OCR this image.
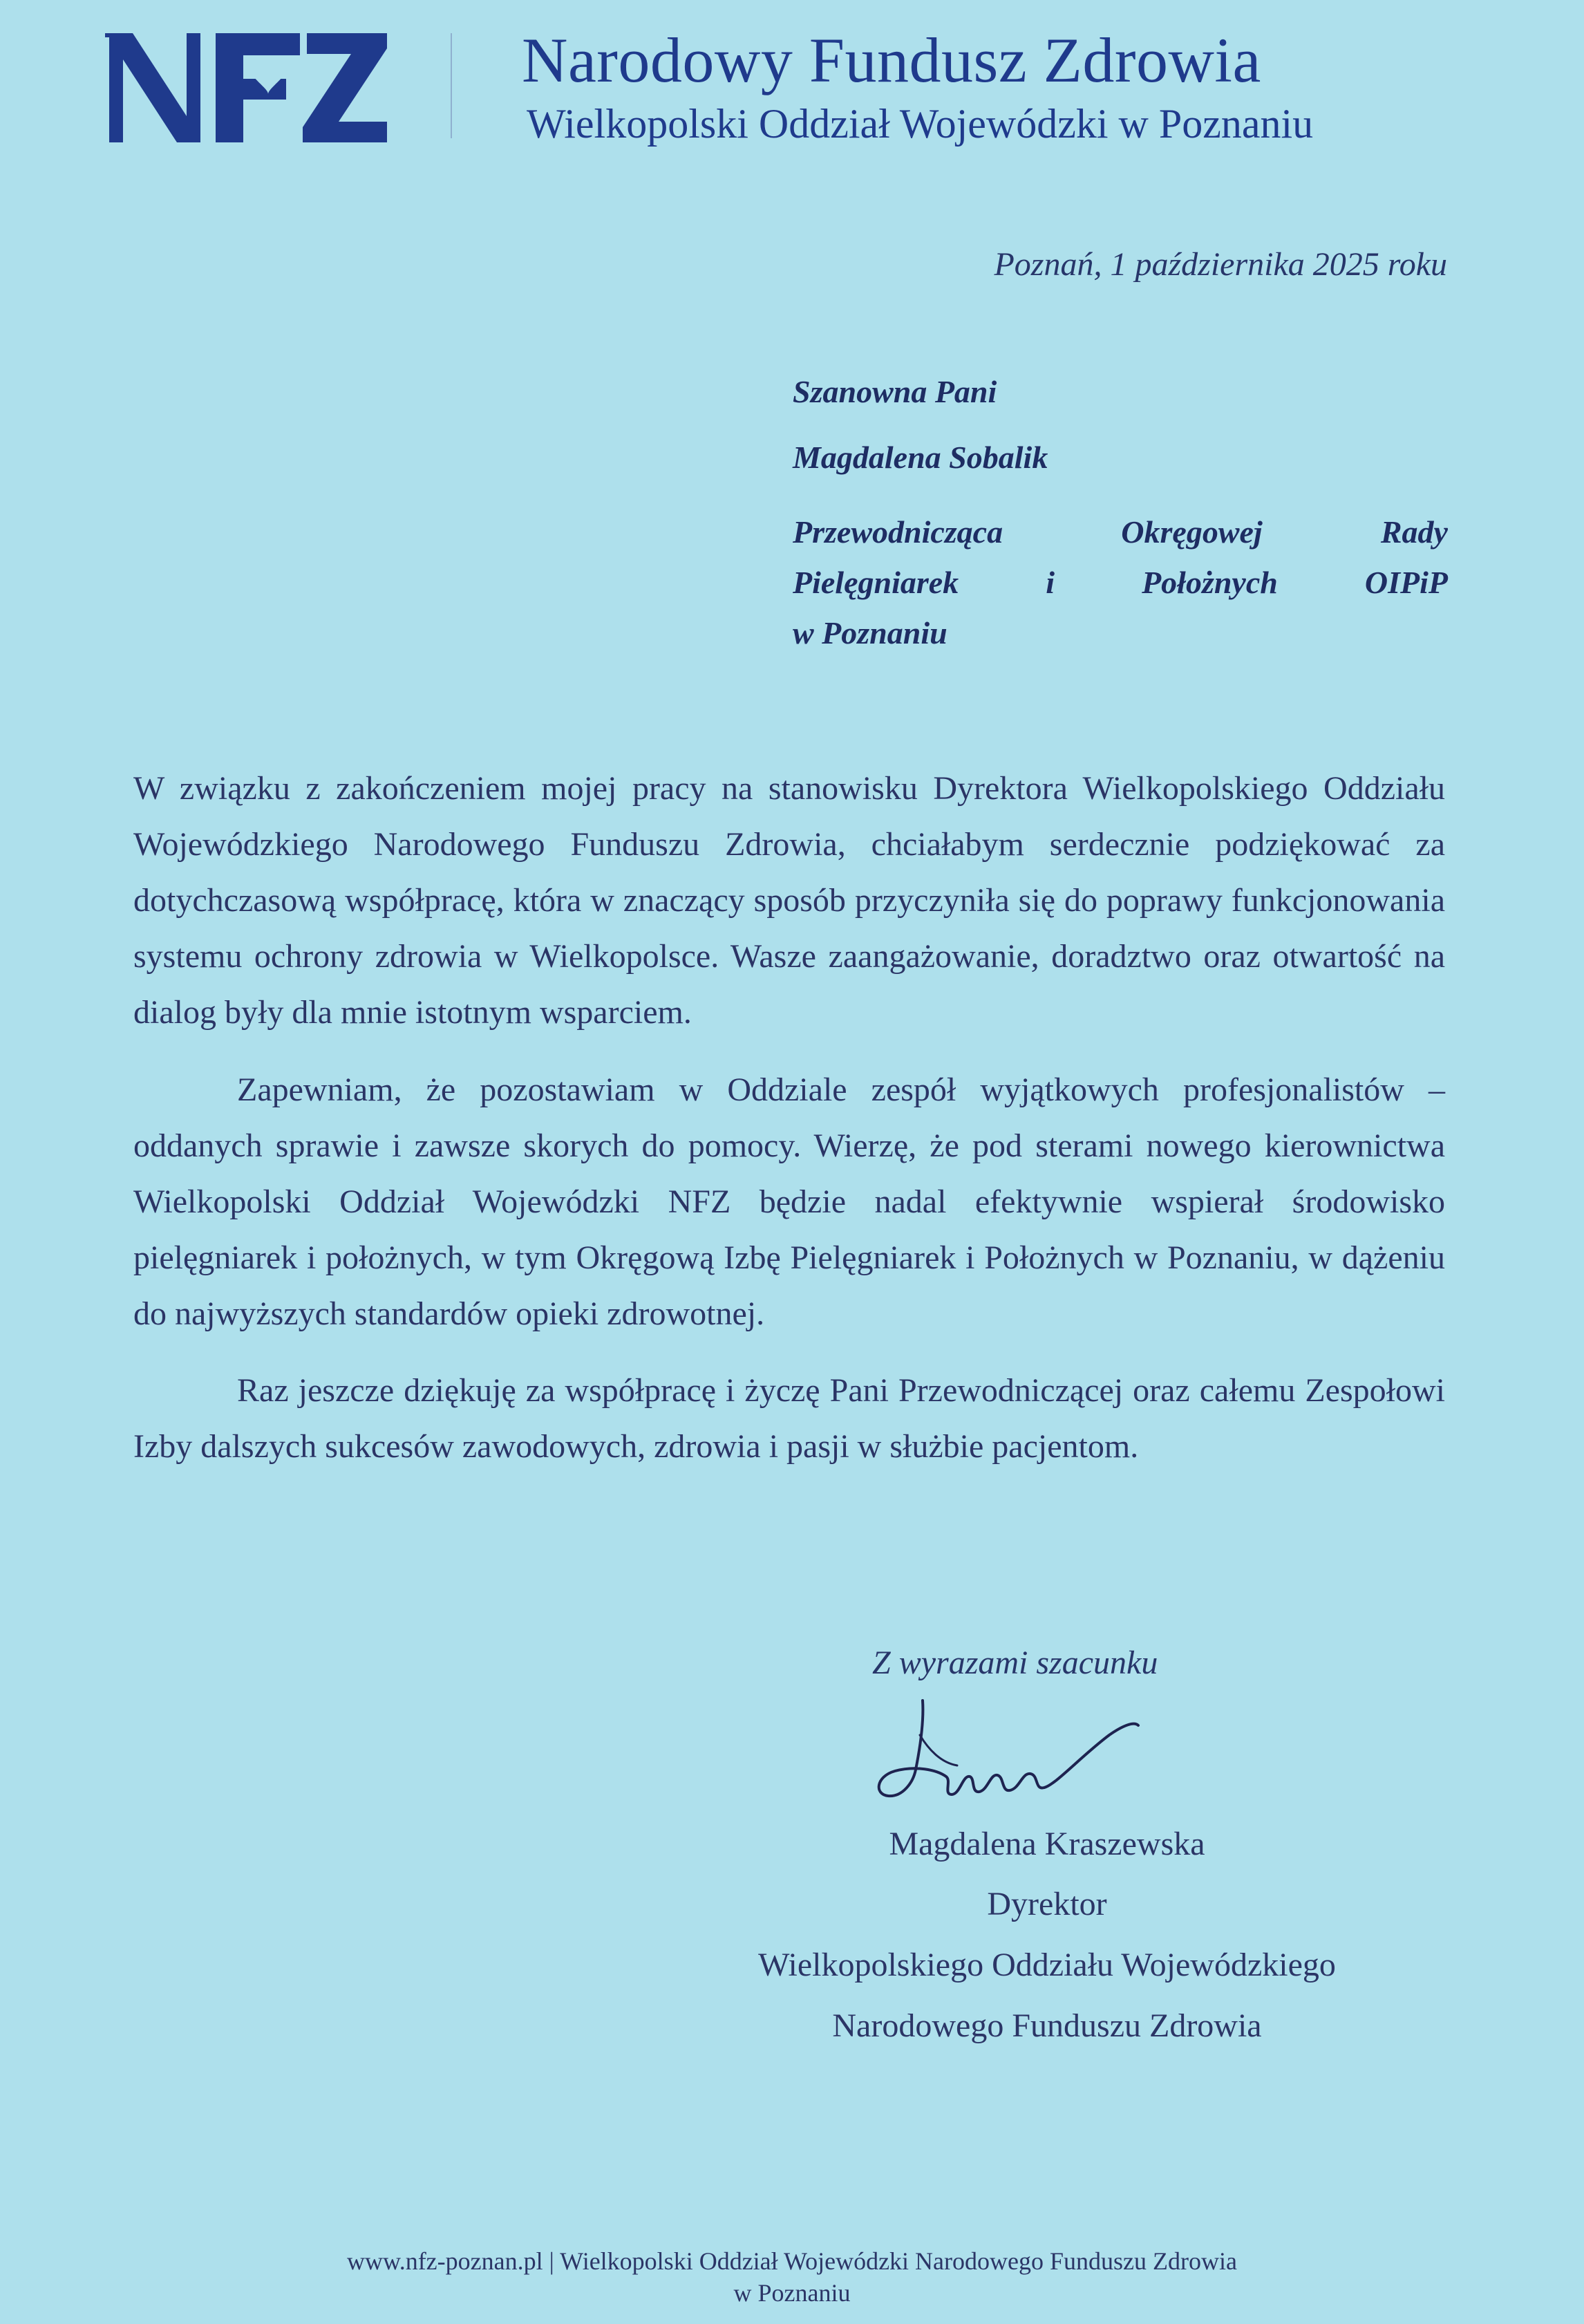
Narodowy Fundusz Zdrowia
Wielkopolski Oddział Wojewódzki w Poznaniu
Poznań, 1 października 2025 roku
Szanowna Pani
Magdalena Sobalik
Przewodnicząca	Okręgowej	Rady
Pielęgniarek	i	Położnych	OIPiP
w Poznaniu

W związku z zakończeniem mojej pracy na stanowisku Dyrektora Wielkopolskiego Oddziału Wojewódzkiego Narodowego Funduszu Zdrowia, chciałabym serdecznie podziękować za dotychczasową współpracę, która w znaczący sposób przyczyniła się do poprawy funkcjonowania systemu ochrony zdrowia w Wielkopolsce. Wasze zaangażowanie, doradztwo oraz otwartość na dialog były dla mnie istotnym wsparciem.

Zapewniam, że pozostawiam w Oddziale zespół wyjątkowych profesjonalistów – oddanych sprawie i zawsze skorych do pomocy. Wierzę, że pod sterami nowego kierownictwa Wielkopolski Oddział Wojewódzki NFZ będzie nadal efektywnie wspierał środowisko pielęgniarek i położnych, w tym Okręgową Izbę Pielęgniarek i Położnych w Poznaniu, w dążeniu do najwyższych standardów opieki zdrowotnej.

Raz jeszcze dziękuję za współpracę i życzę Pani Przewodniczącej oraz całemu Zespołowi Izby dalszych sukcesów zawodowych, zdrowia i pasji w służbie pacjentom.

Z wyrazami szacunku
Magdalena Kraszewska
Dyrektor
Wielkopolskiego Oddziału Wojewódzkiego
Narodowego Funduszu Zdrowia
www.nfz-poznan.pl | Wielkopolski Oddział Wojewódzki Narodowego Funduszu Zdrowia
w Poznaniu
